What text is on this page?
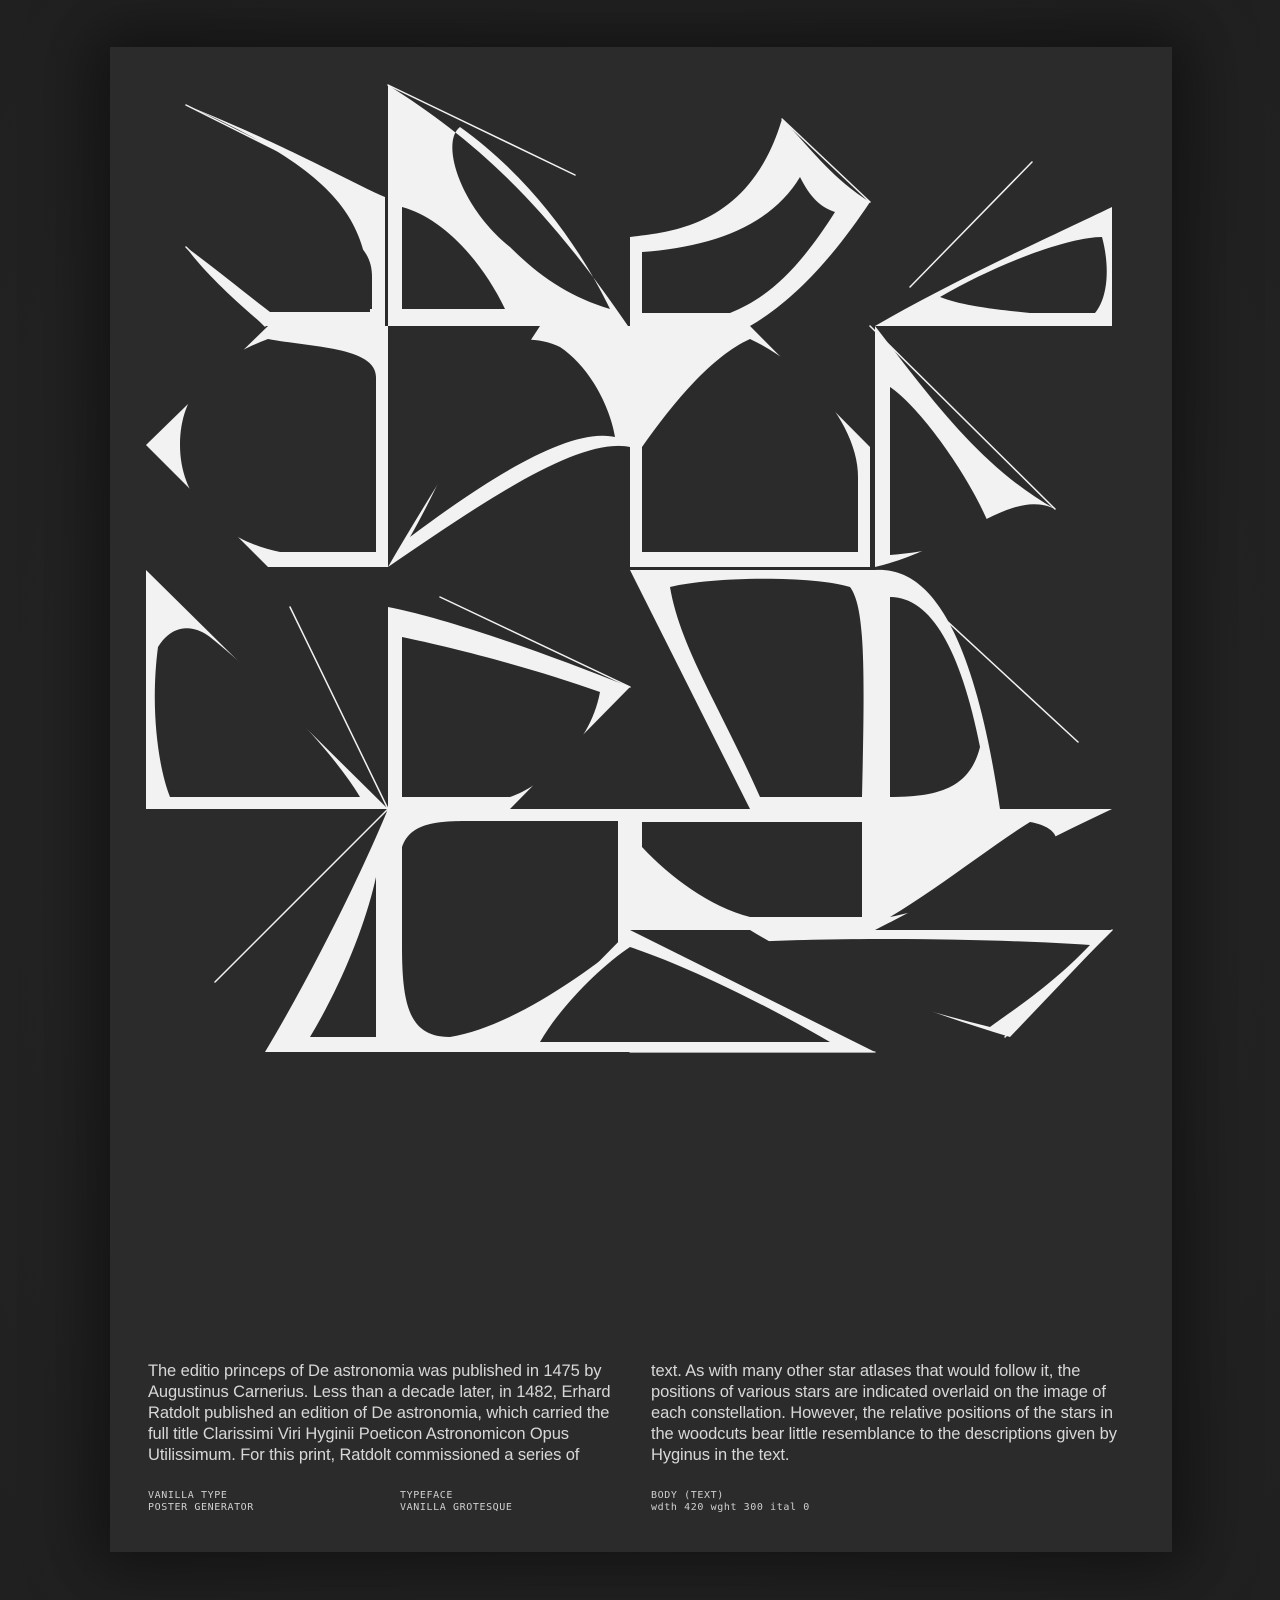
The editio princeps of De astronomia was published in 1475 by Augustinus Carnerius. Less than a decade later, in 1482, Erhard Ratdolt published an edition of De astronomia, which carried the full title Clarissimi Viri Hyginii Poeticon Astronomicon Opus Utilissimum. For this print, Ratdolt commissioned a series of

text. As with many other star atlases that would follow it, the positions of various stars are indicated overlaid on the image of each constellation. However, the relative positions of the stars in the woodcuts bear little resemblance to the descriptions given by Hyginus in the text.

VANILLA TYPE
POSTER GENERATOR
TYPEFACE
VANILLA GROTESQUE
BODY (TEXT)
wdth 420 wght 300 ital 0
